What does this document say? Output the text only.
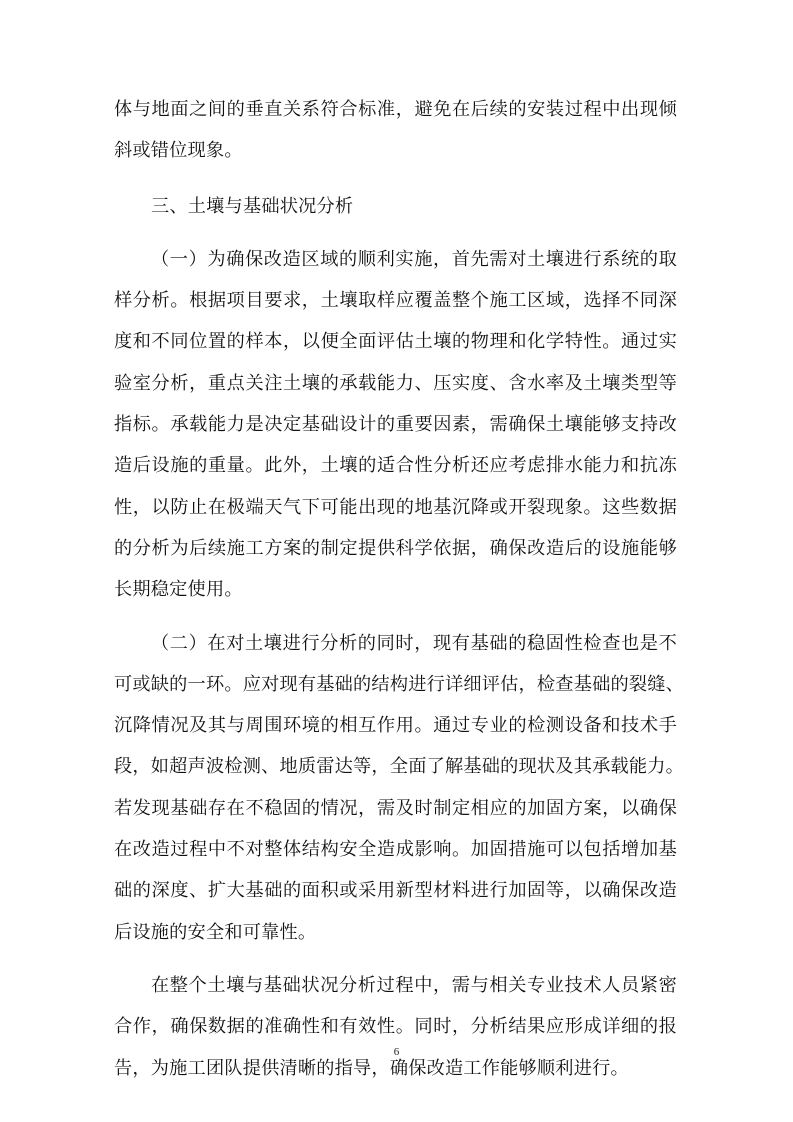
体与地面之间的垂直关系符合标准，避免在后续的安装过程中出现倾
斜或错位现象。
三、土壤与基础状况分析
（一）为确保改造区域的顺利实施，首先需对土壤进行系统的取
样分析。根据项目要求，土壤取样应覆盖整个施工区域，选择不同深
度和不同位置的样本，以便全面评估土壤的物理和化学特性。通过实
验室分析，重点关注土壤的承载能力、压实度、含水率及土壤类型等
指标。承载能力是决定基础设计的重要因素，需确保土壤能够支持改
造后设施的重量。此外，土壤的适合性分析还应考虑排水能力和抗冻
性，以防止在极端天气下可能出现的地基沉降或开裂现象。这些数据
的分析为后续施工方案的制定提供科学依据，确保改造后的设施能够
长期稳定使用。
（二）在对土壤进行分析的同时，现有基础的稳固性检查也是不
可或缺的一环。应对现有基础的结构进行详细评估，检查基础的裂缝、
沉降情况及其与周围环境的相互作用。通过专业的检测设备和技术手
段，如超声波检测、地质雷达等，全面了解基础的现状及其承载能力。
若发现基础存在不稳固的情况，需及时制定相应的加固方案，以确保
在改造过程中不对整体结构安全造成影响。加固措施可以包括增加基
础的深度、扩大基础的面积或采用新型材料进行加固等，以确保改造
后设施的安全和可靠性。
在整个土壤与基础状况分析过程中，需与相关专业技术人员紧密
合作，确保数据的准确性和有效性。同时，分析结果应形成详细的报
告，为施工团队提供清晰的指导，确保改造工作能够顺利进行。
6
